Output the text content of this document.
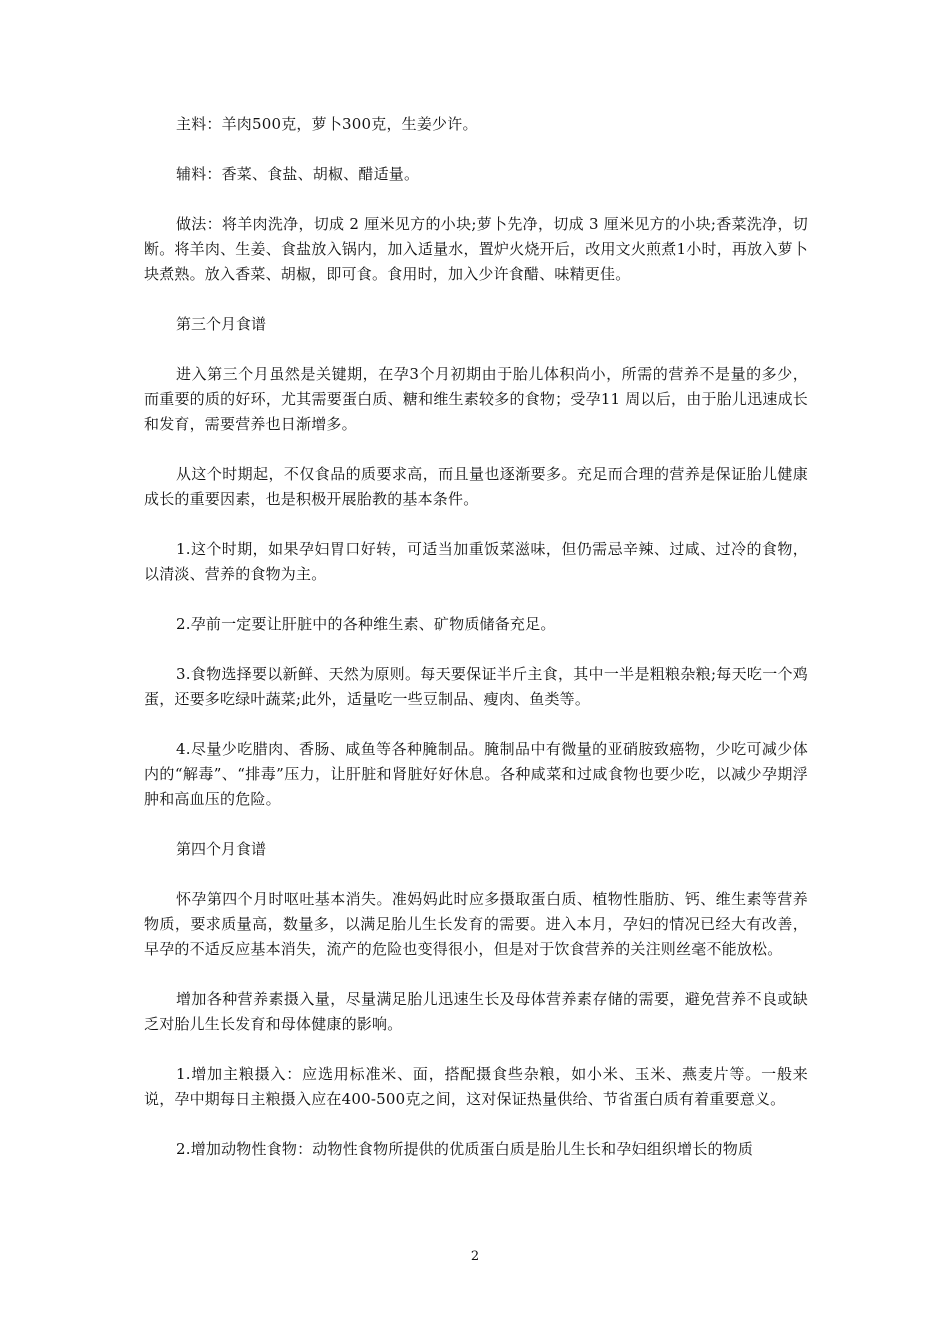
主料：羊肉500克，萝卜300克，生姜少许。

辅料：香菜、食盐、胡椒、醋适量。

做法：将羊肉洗净，切成 2 厘米见方的小块;萝卜先净，切成 3 厘米见方的小块;香菜洗净，切断。将羊肉、生姜、食盐放入锅内，加入适量水，置炉火烧开后，改用文火煎煮1小时，再放入萝卜块煮熟。放入香菜、胡椒，即可食。食用时，加入少许食醋、味精更佳。

第三个月食谱

进入第三个月虽然是关键期，在孕3个月初期由于胎儿体积尚小，所需的营养不是量的多少，而重要的质的好环，尤其需要蛋白质、糖和维生素较多的食物；受孕11 周以后，由于胎儿迅速成长和发育，需要营养也日渐增多。

从这个时期起，不仅食品的质要求高，而且量也逐渐要多。充足而合理的营养是保证胎儿健康成长的重要因素，也是积极开展胎教的基本条件。

1.这个时期，如果孕妇胃口好转，可适当加重饭菜滋味，但仍需忌辛辣、过咸、过冷的食物，以清淡、营养的食物为主。

2.孕前一定要让肝脏中的各种维生素、矿物质储备充足。

3.食物选择要以新鲜、天然为原则。每天要保证半斤主食，其中一半是粗粮杂粮;每天吃一个鸡蛋，还要多吃绿叶蔬菜;此外，适量吃一些豆制品、瘦肉、鱼类等。

4.尽量少吃腊肉、香肠、咸鱼等各种腌制品。腌制品中有微量的亚硝胺致癌物，少吃可减少体内的“解毒”、“排毒”压力，让肝脏和肾脏好好休息。各种咸菜和过咸食物也要少吃，以减少孕期浮肿和高血压的危险。

第四个月食谱

怀孕第四个月时呕吐基本消失。准妈妈此时应多摄取蛋白质、植物性脂肪、钙、维生素等营养物质，要求质量高，数量多，以满足胎儿生长发育的需要。进入本月，孕妇的情况已经大有改善，早孕的不适反应基本消失，流产的危险也变得很小，但是对于饮食营养的关注则丝毫不能放松。

增加各种营养素摄入量，尽量满足胎儿迅速生长及母体营养素存储的需要，避免营养不良或缺乏对胎儿生长发育和母体健康的影响。

1.增加主粮摄入：应选用标准米、面，搭配摄食些杂粮，如小米、玉米、燕麦片等。一般来说，孕中期每日主粮摄入应在400-500克之间，这对保证热量供给、节省蛋白质有着重要意义。

2.增加动物性食物：动物性食物所提供的优质蛋白质是胎儿生长和孕妇组织增长的物质

2
